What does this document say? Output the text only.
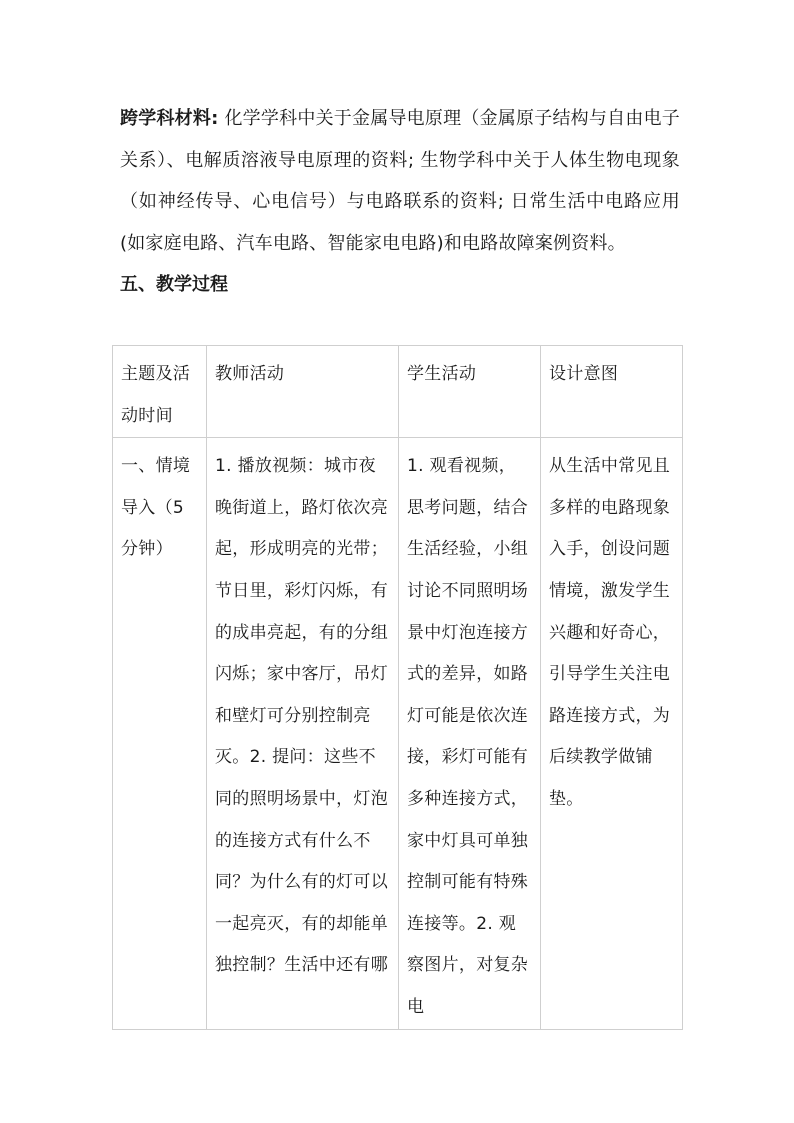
跨学科材料: 化学学科中关于金属导电原理（金属原子结构与自由电子关系）、电解质溶液导电原理的资料; 生物学科中关于人体生物电现象（如神经传导、心电信号）与电路联系的资料; 日常生活中电路应用(如家庭电路、汽车电路、智能家电电路)和电路故障案例资料。

五、教学过程
主题及活动时间	教师活动	学生活动	设计意图

一、情境导入（5分钟）	1. 播放视频：城市夜晚街道上，路灯依次亮起，形成明亮的光带；节日里，彩灯闪烁，有的成串亮起，有的分组闪烁；家中客厅，吊灯和壁灯可分别控制亮灭。2. 提问：这些不同的照明场景中，灯泡的连接方式有什么不同？为什么有的灯可以一起亮灭，有的却能单独控制？生活中还有哪	1. 观看视频，思考问题，结合生活经验，小组讨论不同照明场景中灯泡连接方式的差异，如路灯可能是依次连接，彩灯可能有多种连接方式，家中灯具可单独控制可能有特殊连接等。2. 观察图片，对复杂电	从生活中常见且多样的电路现象入手，创设问题情境，激发学生兴趣和好奇心，引导学生关注电路连接方式，为后续教学做铺垫。
